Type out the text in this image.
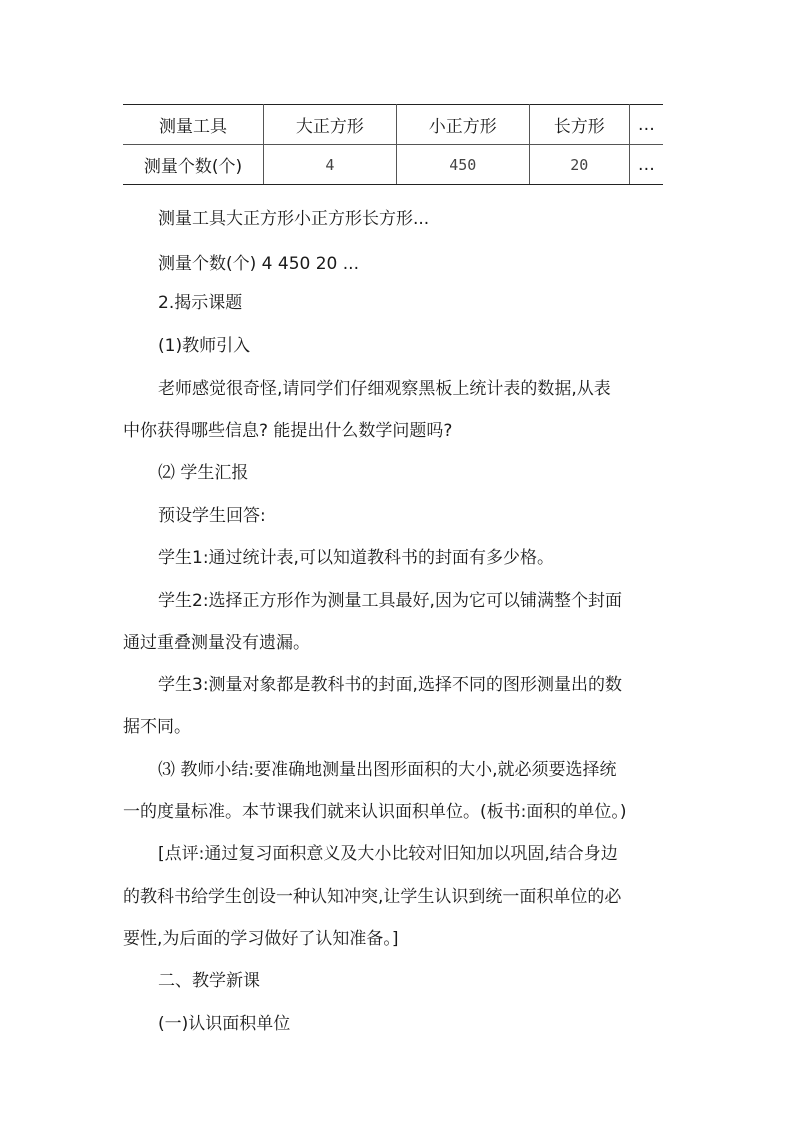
测量工具	大正方形	小正方形	长方形	…
测量个数(个)	4	450	20	…
测量工具大正方形小正方形长方形...
测量个数(个) 4 450 20 ...
2.揭示课题
(1)教师引入
老师感觉很奇怪,请同学们仔细观察黑板上统计表的数据,从表
中你获得哪些信息? 能提出什么数学问题吗?
⑵ 学生汇报
预设学生回答:
学生1:通过统计表,可以知道教科书的封面有多少格。
学生2:选择正方形作为测量工具最好,因为它可以铺满整个封面
通过重叠测量没有遗漏。
学生3:测量对象都是教科书的封面,选择不同的图形测量出的数
据不同。
⑶ 教师小结:要准确地测量出图形面积的大小,就必须要选择统
一的度量标准。本节课我们就来认识面积单位。(板书:面积的单位。)
[点评:通过复习面积意义及大小比较对旧知加以巩固,结合身边
的教科书给学生创设一种认知冲突,让学生认识到统一面积单位的必
要性,为后面的学习做好了认知准备。]
二、教学新课
(一)认识面积单位
